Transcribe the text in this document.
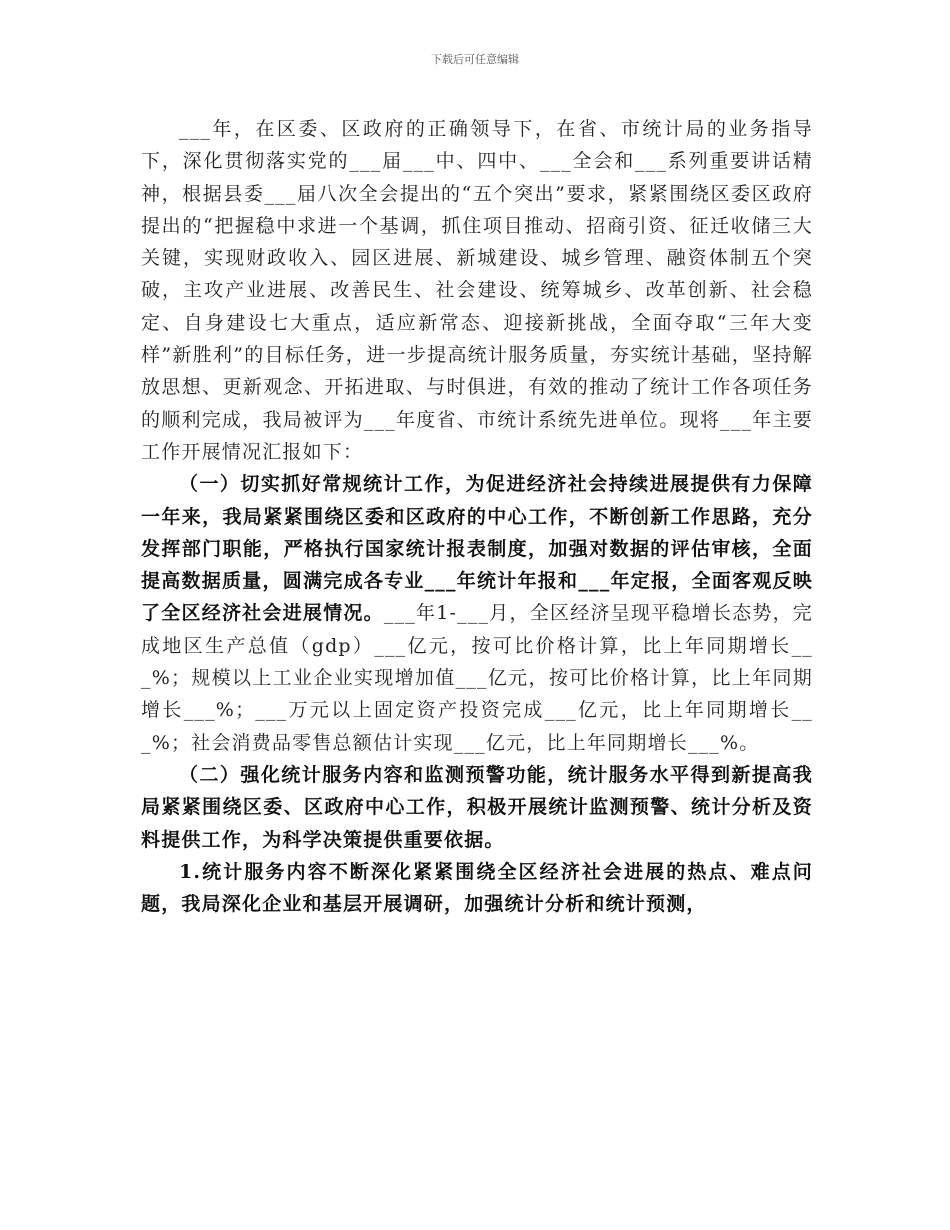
下载后可任意编辑

___年，在区委、区政府的正确领导下，在省、市统计局的业务指导下，深化贯彻落实党的___届___中、四中、___全会和___系列重要讲话精神，根据县委___届八次全会提出的“五个突出”要求，紧紧围绕区委区政府提出的“把握稳中求进一个基调，抓住项目推动、招商引资、征迁收储三大关键，实现财政收入、园区进展、新城建设、城乡管理、融资体制五个突破，主攻产业进展、改善民生、社会建设、统筹城乡、改革创新、社会稳定、自身建设七大重点，适应新常态、迎接新挑战，全面夺取“三年大变样”新胜利”的目标任务，进一步提高统计服务质量，夯实统计基础，坚持解放思想、更新观念、开拓进取、与时俱进，有效的推动了统计工作各项任务的顺利完成，我局被评为___年度省、市统计系统先进单位。现将___年主要工作开展情况汇报如下：

（一）切实抓好常规统计工作，为促进经济社会持续进展提供有力保障一年来，我局紧紧围绕区委和区政府的中心工作，不断创新工作思路，充分发挥部门职能，严格执行国家统计报表制度，加强对数据的评估审核，全面提高数据质量，圆满完成各专业___年统计年报和___年定报，全面客观反映了全区经济社会进展情况。___年1-___月，全区经济呈现平稳增长态势，完成地区生产总值（gdp）___亿元，按可比价格计算，比上年同期增长___%；规模以上工业企业实现增加值___亿元，按可比价格计算，比上年同期增长___%；___万元以上固定资产投资完成___亿元，比上年同期增长___%；社会消费品零售总额估计实现___亿元，比上年同期增长___%。

（二）强化统计服务内容和监测预警功能，统计服务水平得到新提高我局紧紧围绕区委、区政府中心工作，积极开展统计监测预警、统计分析及资料提供工作，为科学决策提供重要依据。

1.统计服务内容不断深化紧紧围绕全区经济社会进展的热点、难点问题，我局深化企业和基层开展调研，加强统计分析和统计预测，
